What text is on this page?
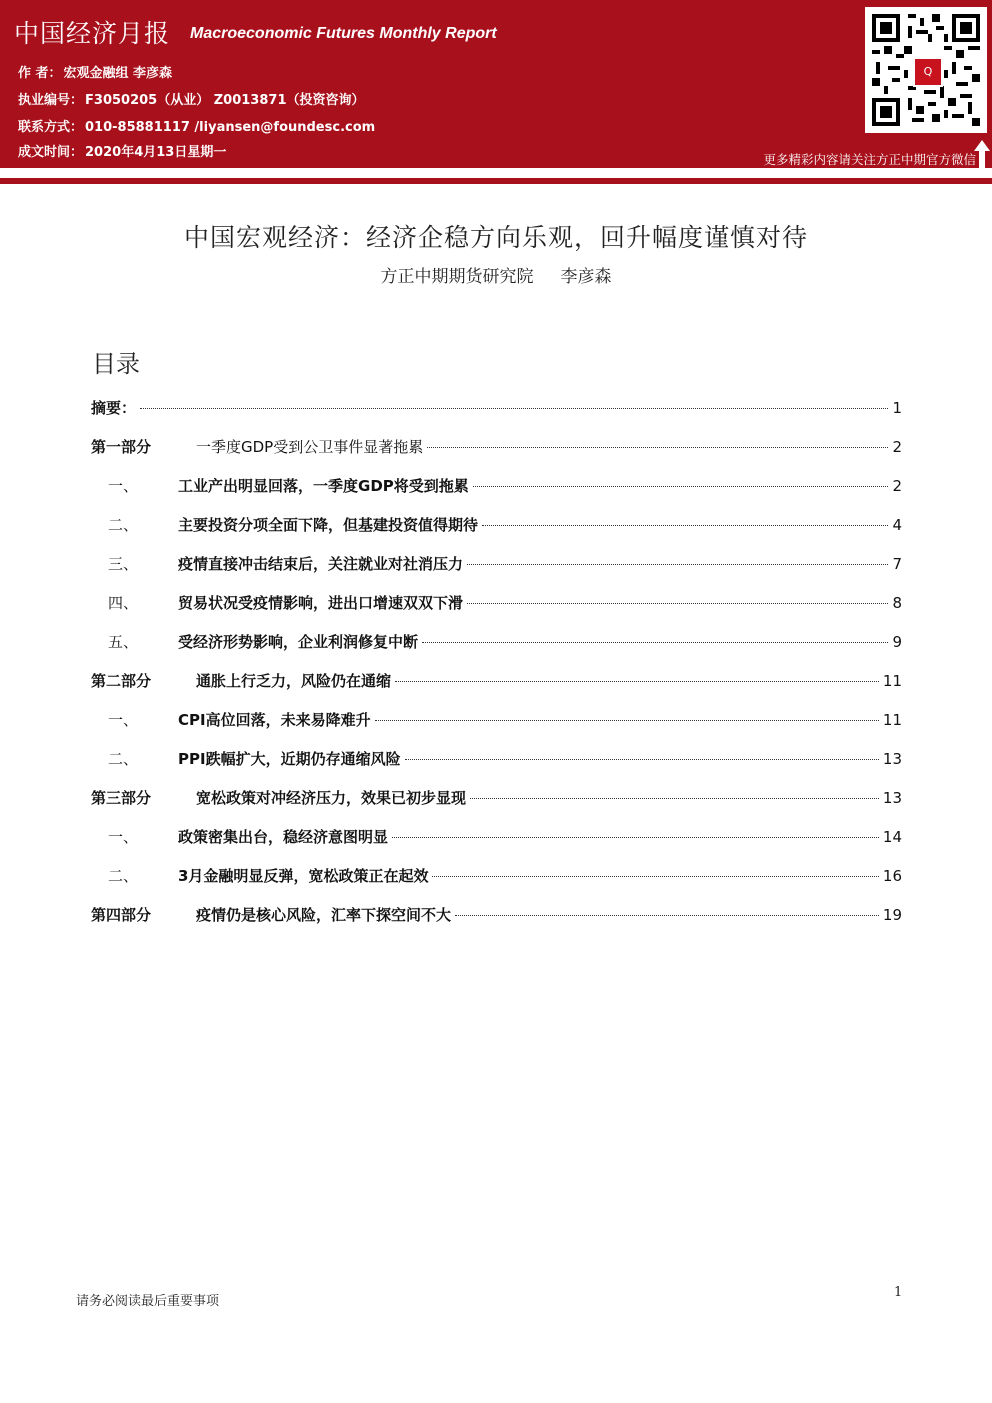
中国经济月报 Macroeconomic Futures Monthly Report
作 者： 宏观金融组 李彦森
执业编号： F3050205（从业） Z0013871（投资咨询）
联系方式： 010-85881117 /liyansen@foundesc.com
成文时间： 2020年4月13日星期一
Q
更多精彩内容请关注方正中期官方微信
中国宏观经济：经济企稳方向乐观，回升幅度谨慎对待
方正中期期货研究院     李彦森
目录
摘要：	1
第一部分	一季度GDP受到公卫事件显著拖累	2
一、	工业产出明显回落，一季度GDP将受到拖累	2
二、	主要投资分项全面下降，但基建投资值得期待	4
三、	疫情直接冲击结束后，关注就业对社消压力	7
四、	贸易状况受疫情影响，进出口增速双双下滑	8
五、	受经济形势影响，企业利润修复中断	9
第二部分	通胀上行乏力，风险仍在通缩	11
一、	CPI高位回落，未来易降难升	11
二、	PPI跌幅扩大，近期仍存通缩风险	13
第三部分	宽松政策对冲经济压力，效果已初步显现	13
一、	政策密集出台，稳经济意图明显	14
二、	3月金融明显反弹，宽松政策正在起效	16
第四部分	疫情仍是核心风险，汇率下探空间不大	19
请务必阅读最后重要事项
1
